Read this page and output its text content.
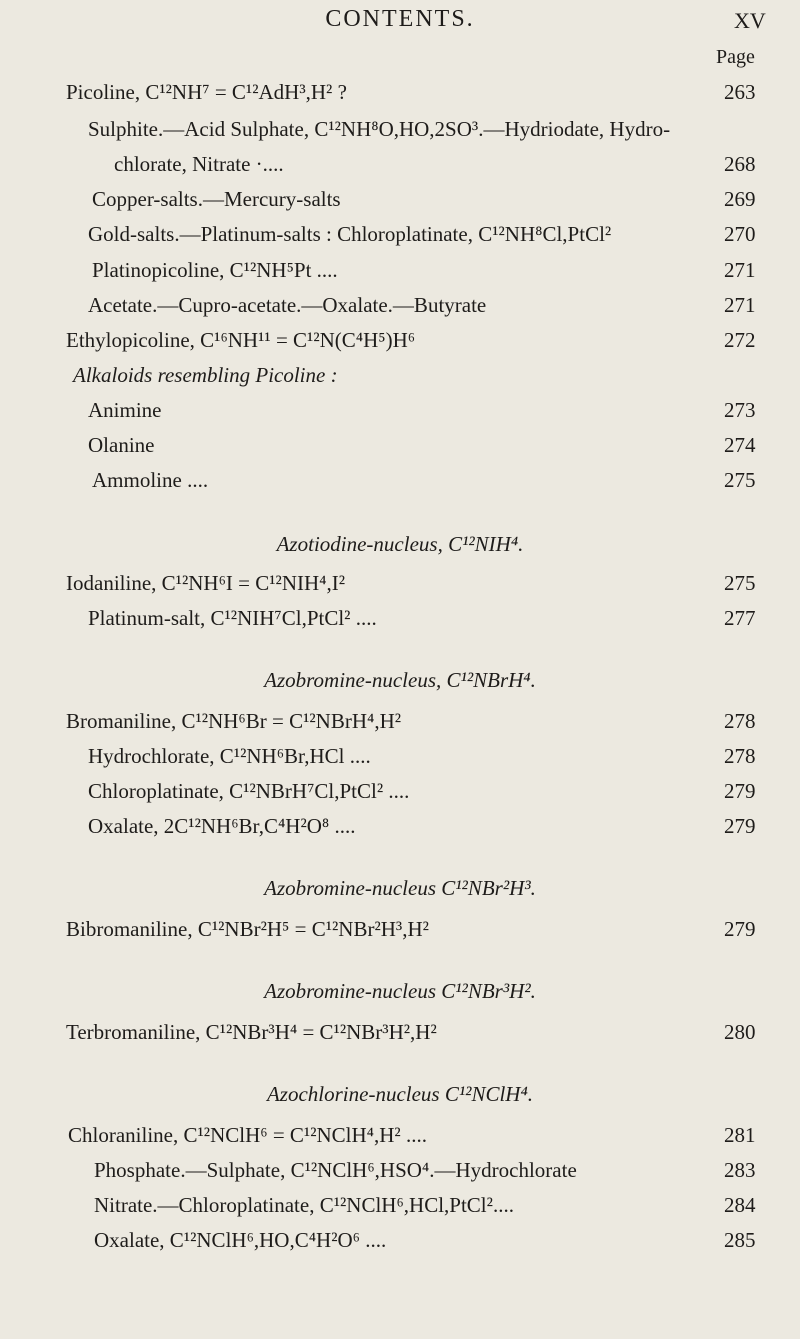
CONTENTS.	XV
Page
Alkaloids resembling Picoline :
Picoline, C¹²NH⁷ = C¹²AdH³,H² ?	263
Sulphite.—Acid Sulphate, C¹²NH⁸O,HO,2SO³.—Hydriodate, Hydro-
chlorate, Nitrate ·....	268
Copper-salts.—Mercury-salts	269
Gold-salts.—Platinum-salts : Chloroplatinate, C¹²NH⁸Cl,PtCl²	270
Platinopicoline, C¹²NH⁵Pt ....	271
Acetate.—Cupro-acetate.—Oxalate.—Butyrate	271
Ethylopicoline, C¹⁶NH¹¹ = C¹²N(C⁴H⁵)H⁶	272
Animine	273
Olanine	274
Ammoline ....	275
Iodaniline, C¹²NH⁶I = C¹²NIH⁴,I²	275
Platinum-salt, C¹²NIH⁷Cl,PtCl² ....	277
Bromaniline, C¹²NH⁶Br = C¹²NBrH⁴,H²	278
Hydrochlorate, C¹²NH⁶Br,HCl ....	278
Chloroplatinate, C¹²NBrH⁷Cl,PtCl² ....	279
Oxalate, 2C¹²NH⁶Br,C⁴H²O⁸ ....	279
Bibromaniline, C¹²NBr²H⁵ = C¹²NBr²H³,H²	279
Terbromaniline, C¹²NBr³H⁴ = C¹²NBr³H²,H²	280
Chloraniline, C¹²NClH⁶ = C¹²NClH⁴,H² ....	281
Phosphate.—Sulphate, C¹²NClH⁶,HSO⁴.—Hydrochlorate	283
Nitrate.—Chloroplatinate, C¹²NClH⁶,HCl,PtCl²....	284
Oxalate, C¹²NClH⁶,HO,C⁴H²O⁶ ....	285
Azotiodine-nucleus, C¹²NIH⁴.
Azobromine-nucleus, C¹²NBrH⁴.
Azobromine-nucleus C¹²NBr²H³.
Azobromine-nucleus C¹²NBr³H².
Azochlorine-nucleus C¹²NClH⁴.
